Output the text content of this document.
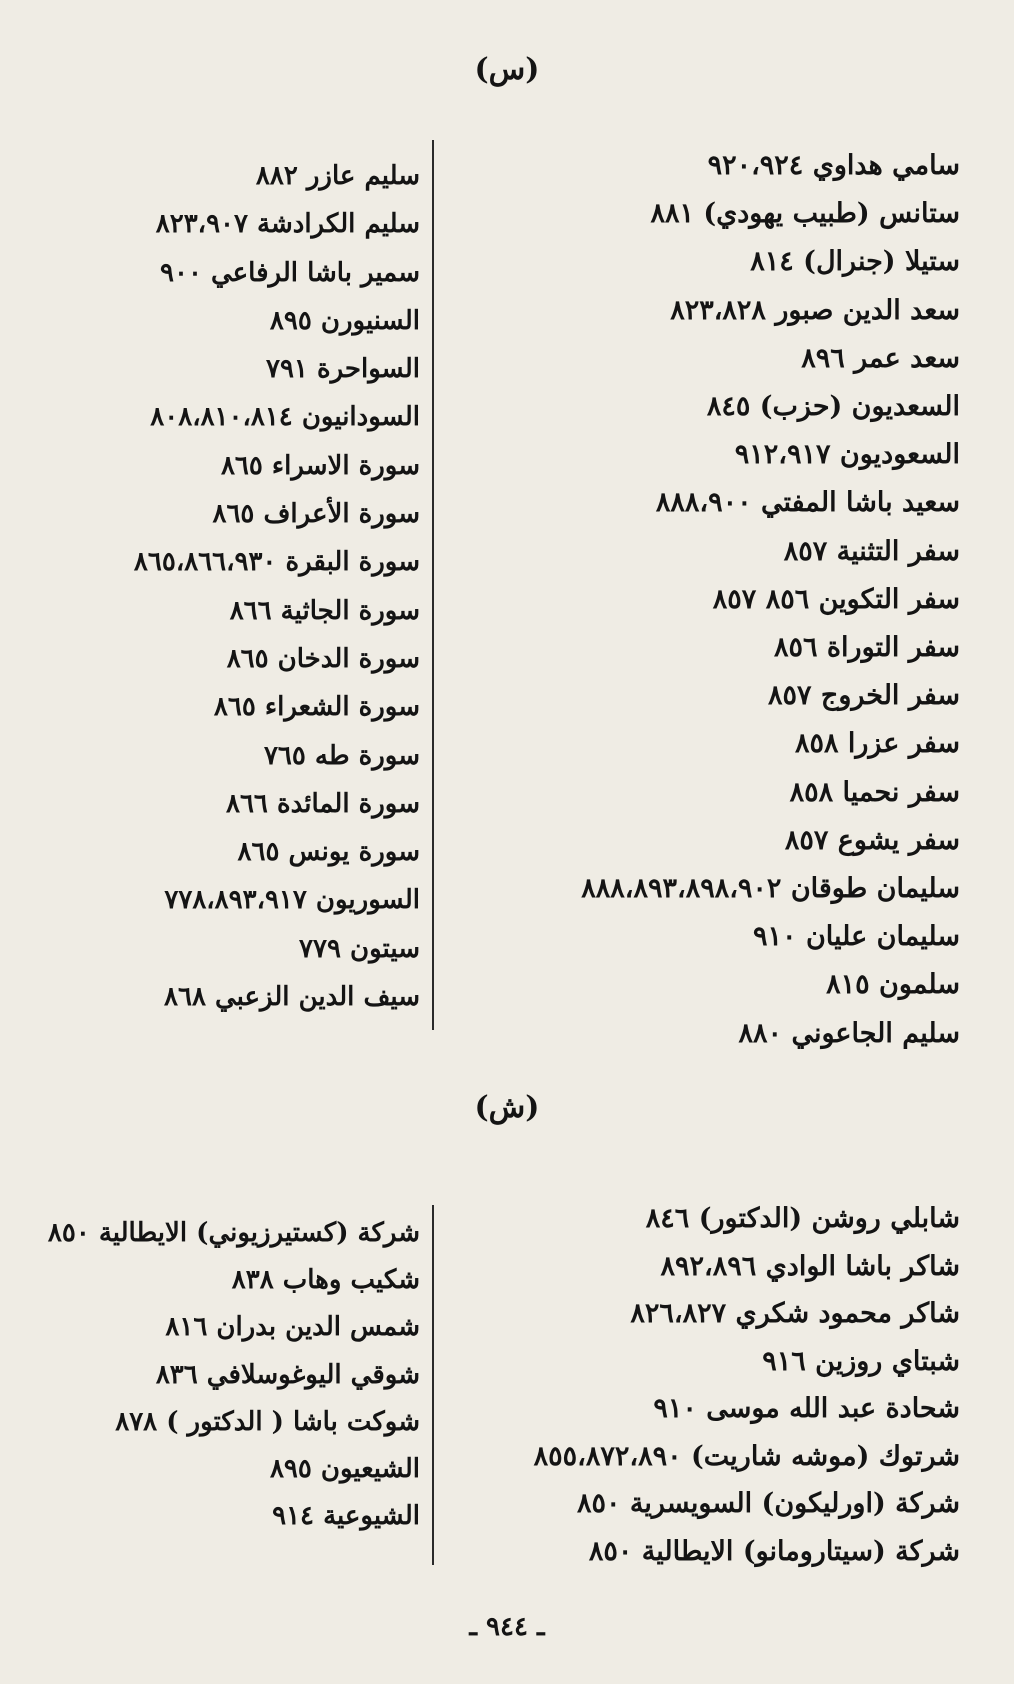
(س)
سامي هداوي ٩٢٠،٩٢٤
ستانس (طبيب يهودي) ٨٨١
ستيلا (جنرال) ٨١٤
سعد الدين صبور ٨٢٣،٨٢٨
سعد عمر ٨٩٦
السعديون (حزب) ٨٤٥
السعوديون ٩١٢،٩١٧
سعيد باشا المفتي ٨٨٨،٩٠٠
سفر التثنية ٨٥٧
سفر التكوين ٨٥٦ ٨٥٧
سفر التوراة ٨٥٦
سفر الخروج ٨٥٧
سفر عزرا ٨٥٨
سفر نحميا ٨٥٨
سفر يشوع ٨٥٧
سليمان طوقان ٨٨٨،٨٩٣،٨٩٨،٩٠٢
سليمان عليان ٩١٠
سلمون ٨١٥
سليم الجاعوني ٨٨٠
سليم عازر ٨٨٢
سليم الكرادشة ٨٢٣،٩٠٧
سمير باشا الرفاعي ٩٠٠
السنيورن ٨٩٥
السواحرة ٧٩١
السودانيون ٨٠٨،٨١٠،٨١٤
سورة الاسراء ٨٦٥
سورة الأعراف ٨٦٥
سورة البقرة ٨٦٥،٨٦٦،٩٣٠
سورة الجاثية ٨٦٦
سورة الدخان ٨٦٥
سورة الشعراء ٨٦٥
سورة طه ٧٦٥
سورة المائدة ٨٦٦
سورة يونس ٨٦٥
السوريون ٧٧٨،٨٩٣،٩١٧
سيتون ٧٧٩
سيف الدين الزعبي ٨٦٨
(ش)
شابلي روشن (الدكتور) ٨٤٦
شاكر باشا الوادي ٨٩٢،٨٩٦
شاكر محمود شكري ٨٢٦،٨٢٧
شبتاي روزين ٩١٦
شحادة عبد الله موسى ٩١٠
شرتوك (موشه شاريت) ٨٥٥،٨٧٢،٨٩٠
شركة (اورليكون) السويسرية ٨٥٠
شركة (سيتارومانو) الايطالية ٨٥٠
شركة (كستيرزيوني) الايطالية ٨٥٠
شكيب وهاب ٨٣٨
شمس الدين بدران ٨١٦
شوقي اليوغوسلافي ٨٣٦
شوكت باشا ( الدكتور ) ٨٧٨
الشيعيون ٨٩٥
الشيوعية ٩١٤
ـ ٩٤٤ ـ
